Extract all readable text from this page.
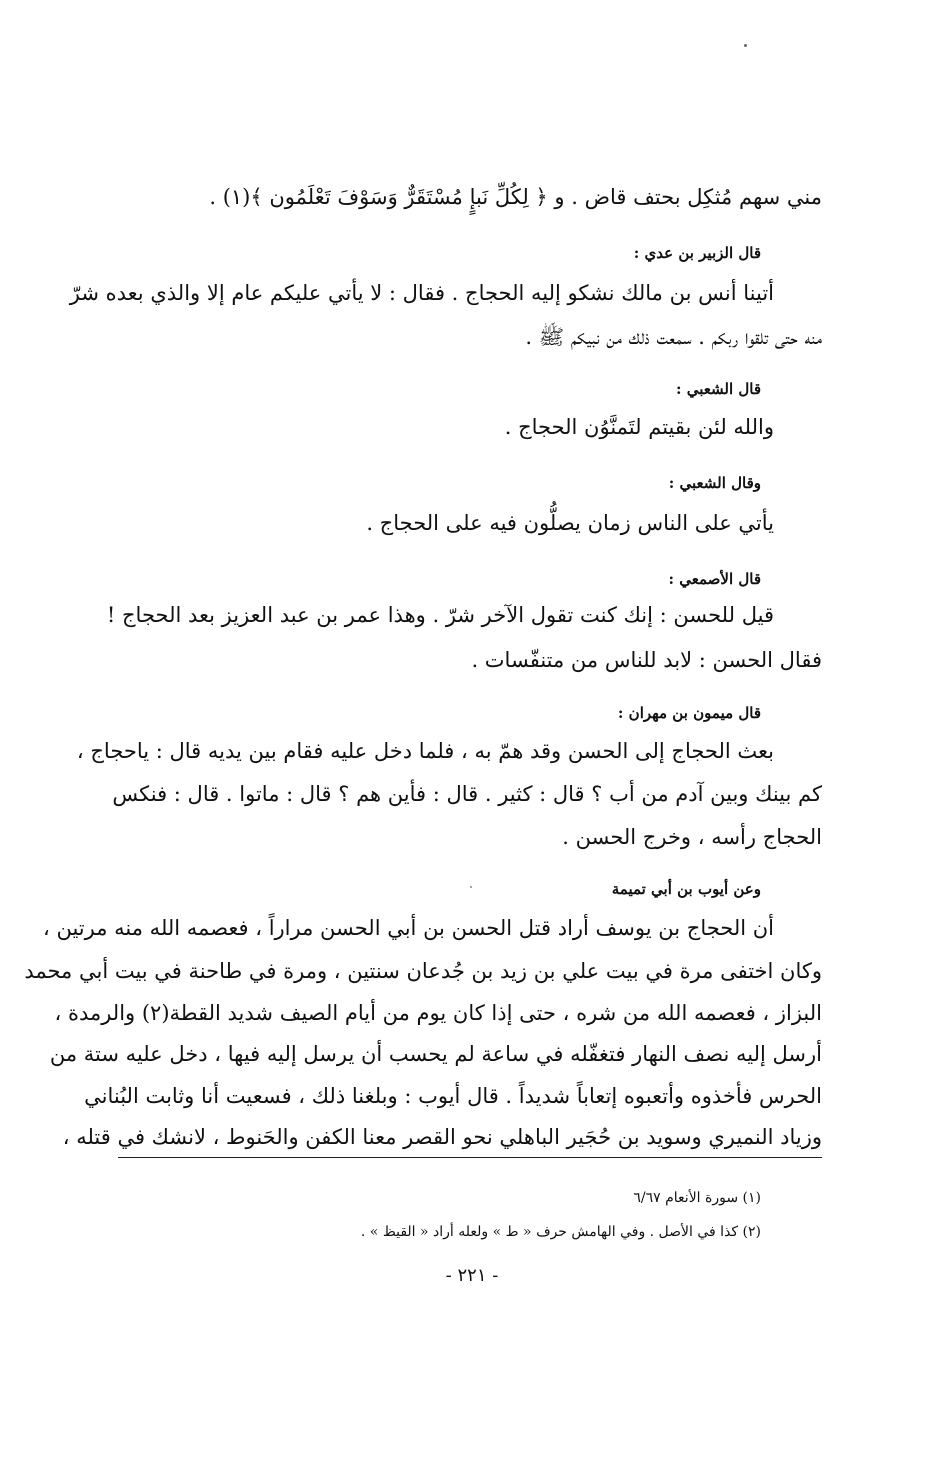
مني سهم مُثكِل بحتف قاض . و ﴿ لِكُلِّ نَبإٍ مُسْتَقَرٌّ وَسَوْفَ تَعْلَمُون ﴾(١) .
قال الزبير بن عدي :
أتينا أنس بن مالك نشكو إليه الحجاج . فقال : لا يأتي عليكم عام إلا والذي بعده شرّ
منه حتى تلقوا ربكم . سمعت ذلك من نبيكم ﷺ .
قال الشعبي :
والله لئن بقيتم لتَمنَّوُن الحجاج .
وقال الشعبي :
يأتي على الناس زمان يصلُّون فيه على الحجاج .
قال الأصمعي :
قيل للحسن : إنك كنت تقول الآخر شرّ . وهذا عمر بن عبد العزيز بعد الحجاج !
فقال الحسن : لابد للناس من متنفّسات .
قال ميمون بن مهران :
بعث الحجاج إلى الحسن وقد همّ به ، فلما دخل عليه فقام بين يديه قال : ياحجاج ،
كم بينك وبين آدم من أب ؟ قال : كثير . قال : فأين هم ؟ قال : ماتوا . قال : فنكس
الحجاج رأسه ، وخرج الحسن .
وعن أيوب بن أبي تميمة
أن الحجاج بن يوسف أراد قتل الحسن بن أبي الحسن مراراً ، فعصمه الله منه مرتين ،
وكان اختفى مرة في بيت علي بن زيد بن جُدعان سنتين ، ومرة في طاحنة في بيت أبي محمد
البزاز ، فعصمه الله من شره ، حتى إذا كان يوم من أيام الصيف شديد القطة(٢) والرمدة ،
أرسل إليه نصف النهار فتغفّله في ساعة لم يحسب أن يرسل إليه فيها ، دخل عليه ستة من
الحرس فأخذوه وأتعبوه إتعاباً شديداً . قال أيوب : وبلغنا ذلك ، فسعيت أنا وثابت البُناني
وزياد النميري وسويد بن حُجَير الباهلي نحو القصر معنا الكفن والحَنوط ، لانشك في قتله ،
(١) سورة الأنعام ٦/٦٧
(٢) كذا في الأصل . وفي الهامش حرف « ط » ولعله أراد « القيظ » .
- ٢٢١ -
